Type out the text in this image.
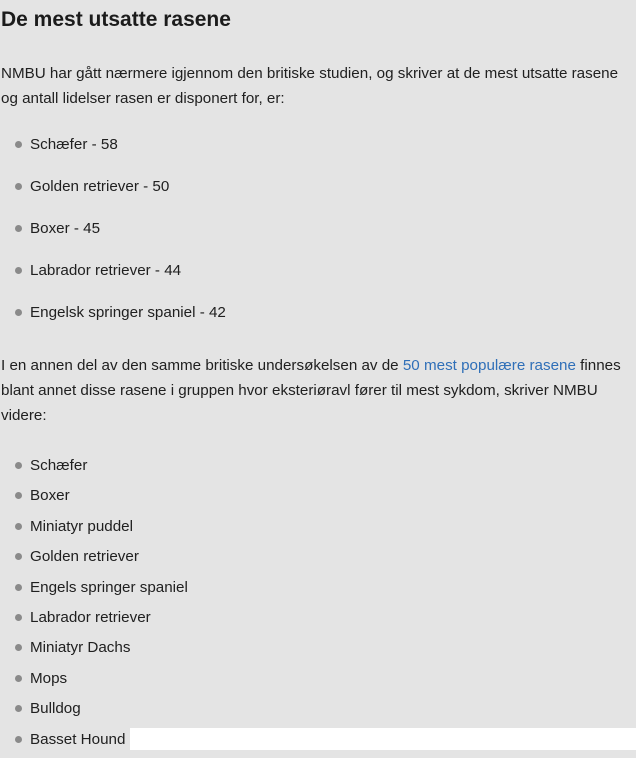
De mest utsatte rasene

NMBU har gått nærmere igjennom den britiske studien, og skriver at de mest utsatte rasene og antall lidelser rasen er disponert for, er:

Schæfer - 58
Golden retriever - 50
Boxer - 45
Labrador retriever - 44
Engelsk springer spaniel - 42

I en annen del av den samme britiske undersøkelsen av de 50 mest populære rasene finnes blant annet disse rasene i gruppen hvor eksteriøravl fører til mest sykdom, skriver NMBU videre:

Schæfer
Boxer
Miniatyr puddel
Golden retriever
Engels springer spaniel
Labrador retriever
Miniatyr Dachs
Mops
Bulldog
Basset Hound
